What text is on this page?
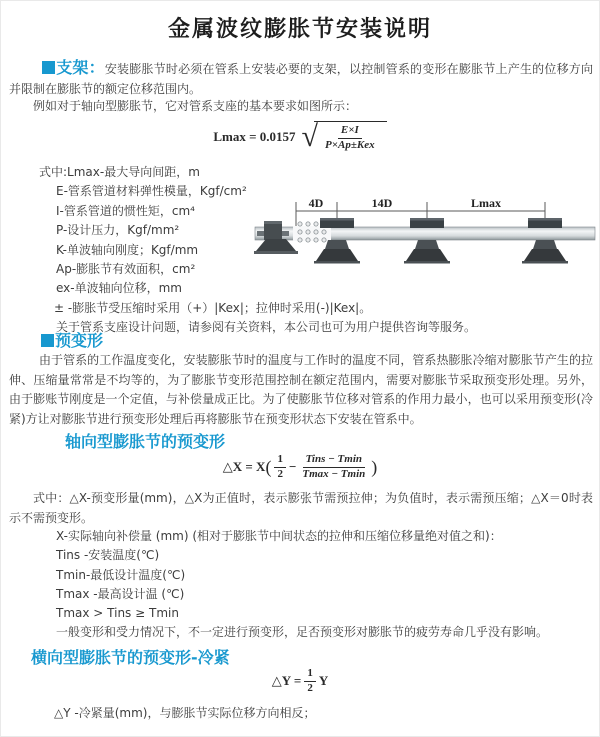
金属波纹膨胀节安装说明

支架：安装膨胀节时必须在管系上安装必要的支架，以控制管系的变形在膨胀节上产生的位移方向并限制在膨胀节的额定位移范围内。

例如对于轴向型膨胀节，它对管系支座的基本要求如图所示：
Lmax = 0.0157 √ $\frac{E\times I}{\text{P×Ap±Kex}}$
式中:Lmax-最大导向间距，m
E-管系管道材料弹性模量，Kgf/cm²
I-管系管道的惯性矩，cm⁴
P-设计压力，Kgf/mm²
K-单波轴向刚度；Kgf/mm
Ap-膨胀节有效面积，cm²
ex-单波轴向位移，mm
± -膨胀节受压缩时采用（+）|Kex|；拉伸时采用(-)|Kex|。
关于管系支座设计问题，请参阅有关资料，本公司也可为用户提供咨询等服务。
4D	14D	Lmax
预变形

由于管系的工作温度变化，安装膨胀节时的温度与工作时的温度不同，管系热膨胀冷缩对膨胀节产生的拉伸、压缩量常常是不均等的，为了膨胀节变形范围控制在额定范围内，需要对膨胀节采取预变形处理。另外，由于膨账节刚度是一个定值，与补偿量成正比。为了使膨胀节位移对管系的作用力最小，也可以采用预变形(冷紧)方让对膨胀节进行预变形处理后再将膨胀节在预变形状态下安装在管系中。

轴向型膨胀节的预变形
△X = X ( $\frac{1}{2} - \frac{\text{Tins − Tmin}}{Tmax - Tmin}$ )

式中：△X-预变形量(mm)，△X为正值时，表示膨张节需预拉伸；为负值时，表示需预压缩；△X＝0时表示不需预变形。

X-实际轴向补偿量 (mm) (相对于膨胀节中间状态的拉伸和压缩位移量绝对值之和)：
Tins -安装温度(℃)
Tmin-最低设计温度(℃)
Tmax -最高设计温 (℃)
Tmax > Tins ≥ Tmin
一般变形和受力情况下，不一定进行预变形，足否预变形对膨胀节的疲劳寿命几乎没有影响。
横向型膨胀节的预变形-冷紧
△Y = $\frac{1}{2}$ Y
△Y -冷紧量(mm)，与膨胀节实际位移方向相反；
